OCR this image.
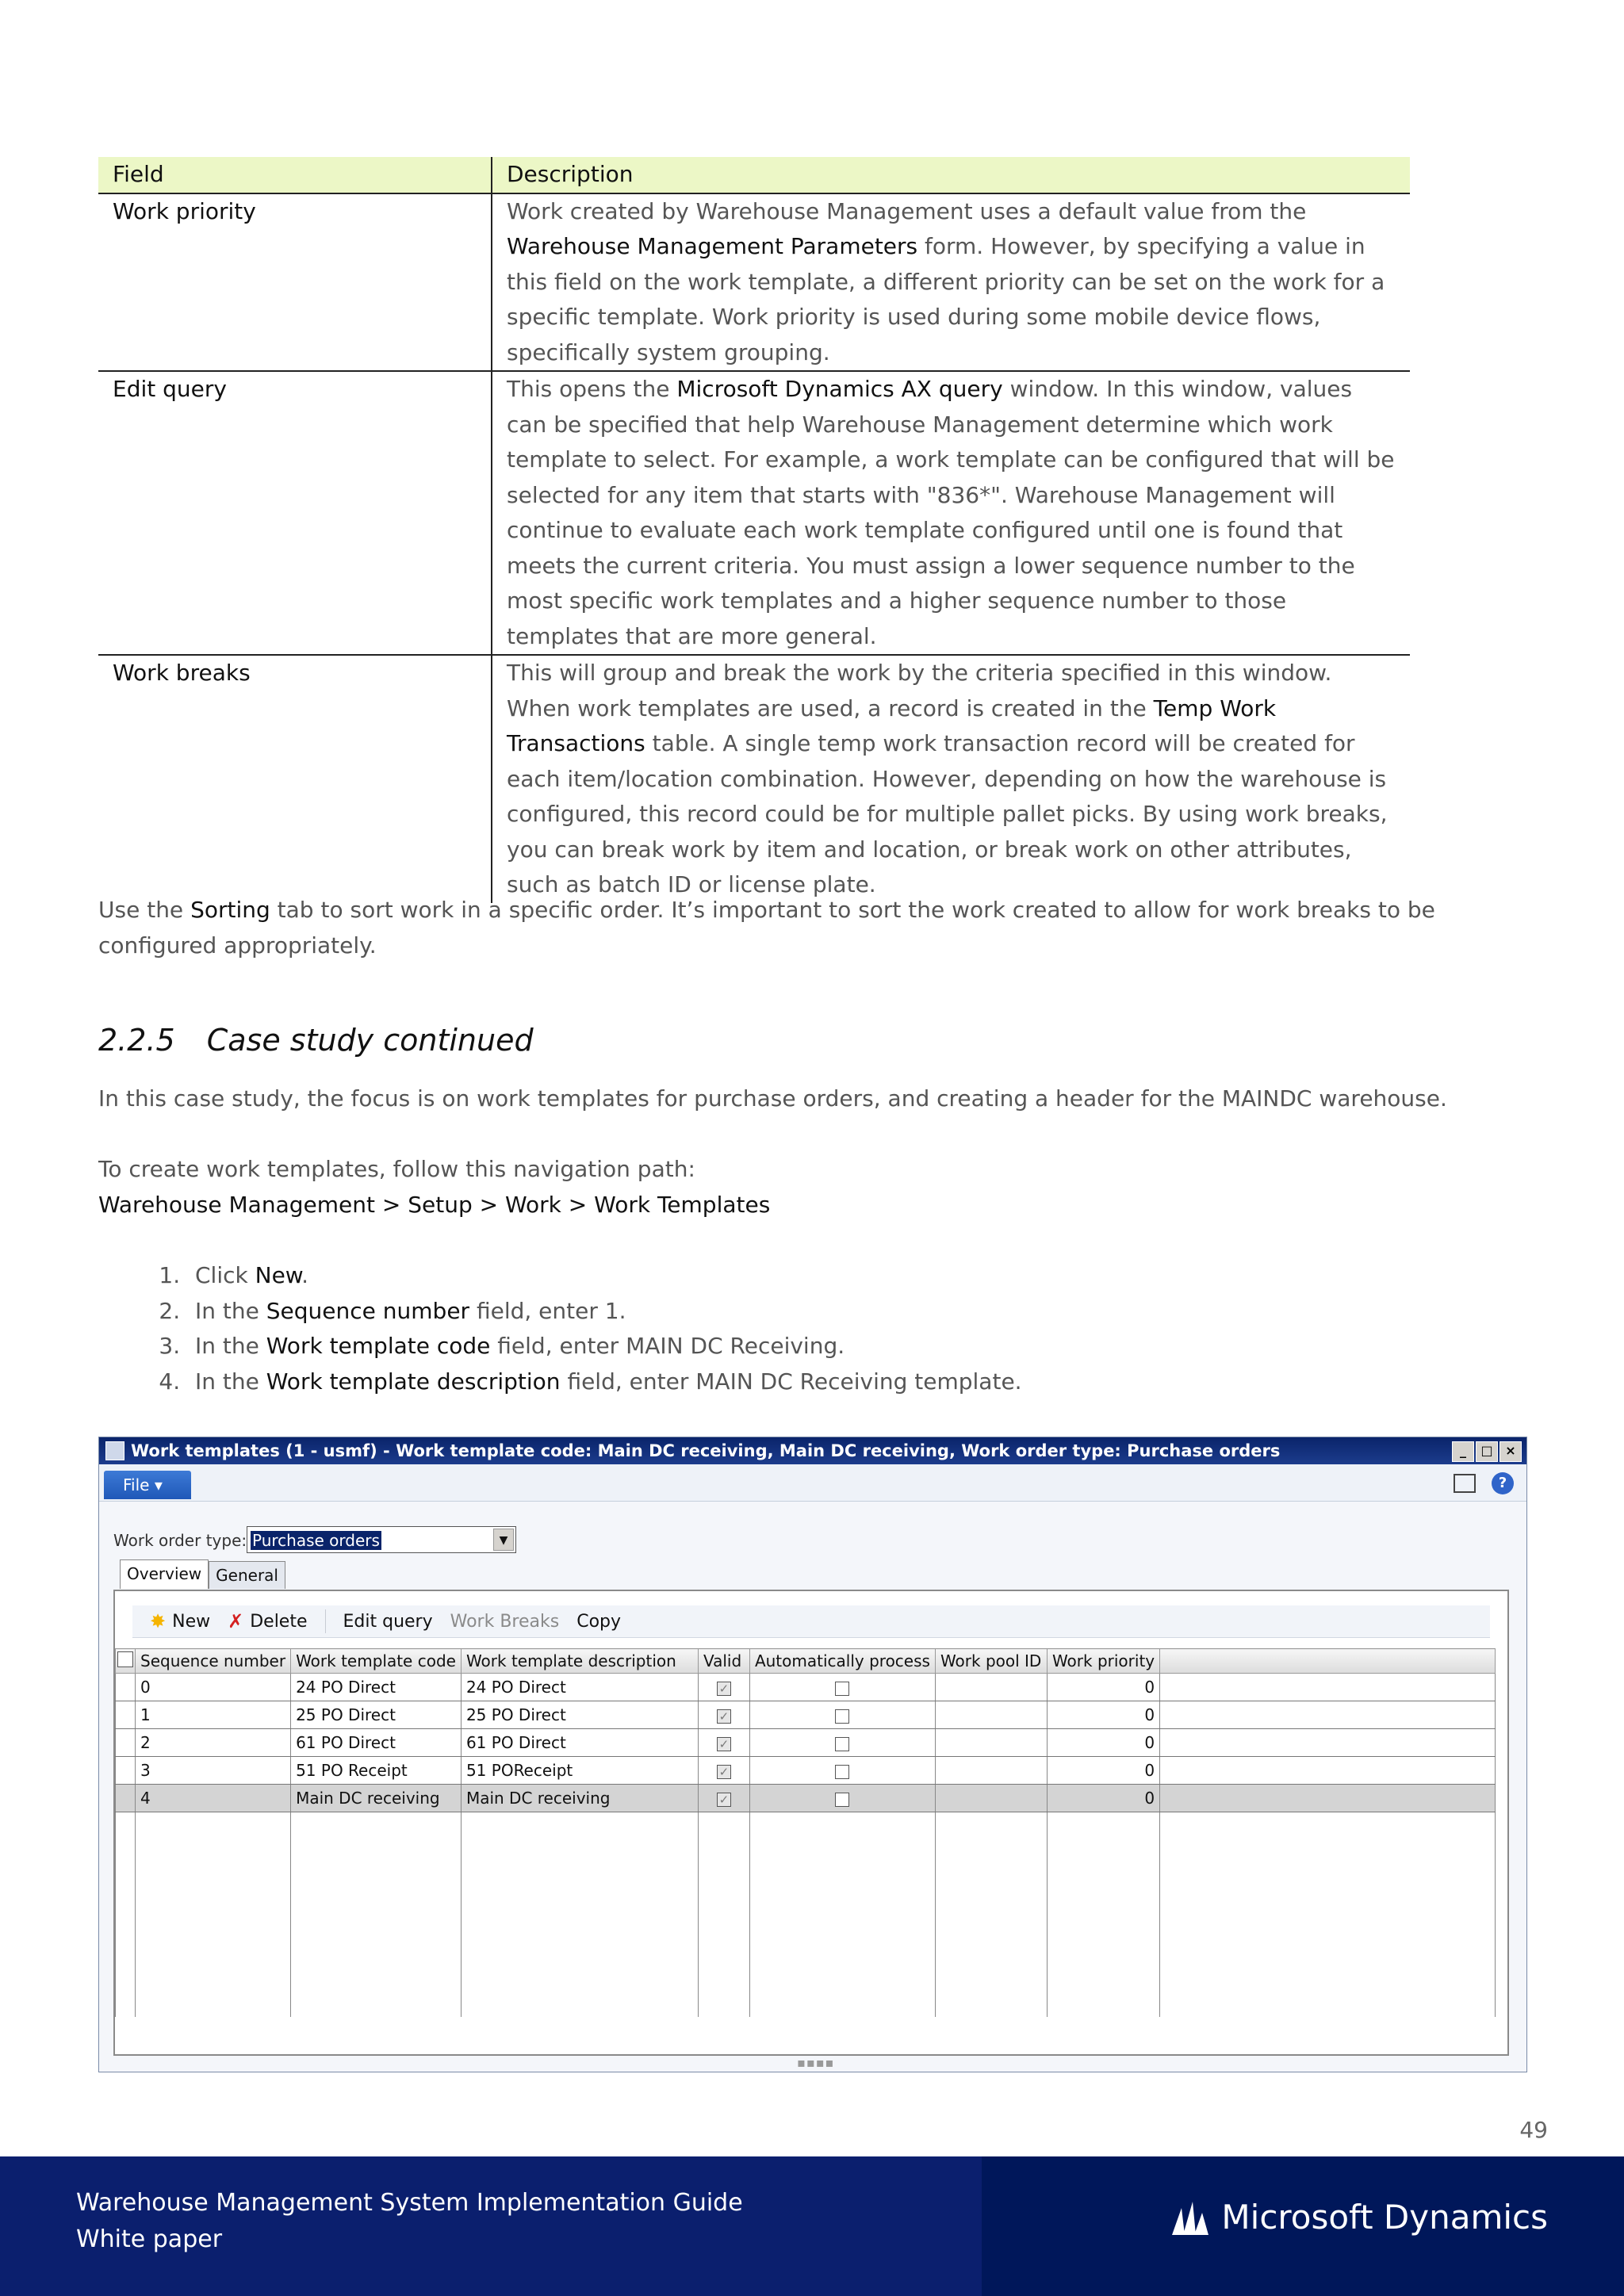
Field	Description
Work priority	Work created by Warehouse Management uses a default value from the Warehouse Management Parameters form. However, by specifying a value in this field on the work template, a different priority can be set on the work for a specific template. Work priority is used during some mobile device flows, specifically system grouping.
Edit query	This opens the Microsoft Dynamics AX query window. In this window, values can be specified that help Warehouse Management determine which work template to select. For example, a work template can be configured that will be selected for any item that starts with "836*". Warehouse Management will continue to evaluate each work template configured until one is found that meets the current criteria. You must assign a lower sequence number to the most specific work templates and a higher sequence number to those templates that are more general.
Work breaks	This will group and break the work by the criteria specified in this window. When work templates are used, a record is created in the Temp Work Transactions table. A single temp work transaction record will be created for each item/location combination. However, depending on how the warehouse is configured, this record could be for multiple pallet picks. By using work breaks, you can break work by item and location, or break work on other attributes, such as batch ID or license plate.

Use the Sorting tab to sort work in a specific order. It’s important to sort the work created to allow for work breaks to be configured appropriately.

2.2.5 Case study continued

In this case study, the focus is on work templates for purchase orders, and creating a header for the MAINDC warehouse.

To create work templates, follow this navigation path:

Warehouse Management > Setup > Work > Work Templates

1. Click New.
2. In the Sequence number field, enter 1.
3. In the Work template code field, enter MAIN DC Receiving.
4. In the Work template description field, enter MAIN DC Receiving template.
Work templates (1 - usmf) - Work template code: Main DC receiving, Main DC receiving, Work order type: Purchase orders	_	□ ×
File ▾	?
Work order type: Purchase orders	▼
Overview General
✸ New ✗ Delete Edit query Work Breaks Copy
	Sequence number	Work template code	Work template description	Valid	Automatically process	Work pool ID	Work priority	
	0	24 PO Direct	24 PO Direct	✓			0	
	1	25 PO Direct	25 PO Direct	✓			0	
	2	61 PO Direct	61 PO Direct	✓			0	
	3	51 PO Receipt	51 POReceipt	✓			0	
	4	Main DC receiving	Main DC receiving	✓			0	

▪▪▪▪
49
Warehouse Management System Implementation Guide
White paper
Microsoft Dynamics
